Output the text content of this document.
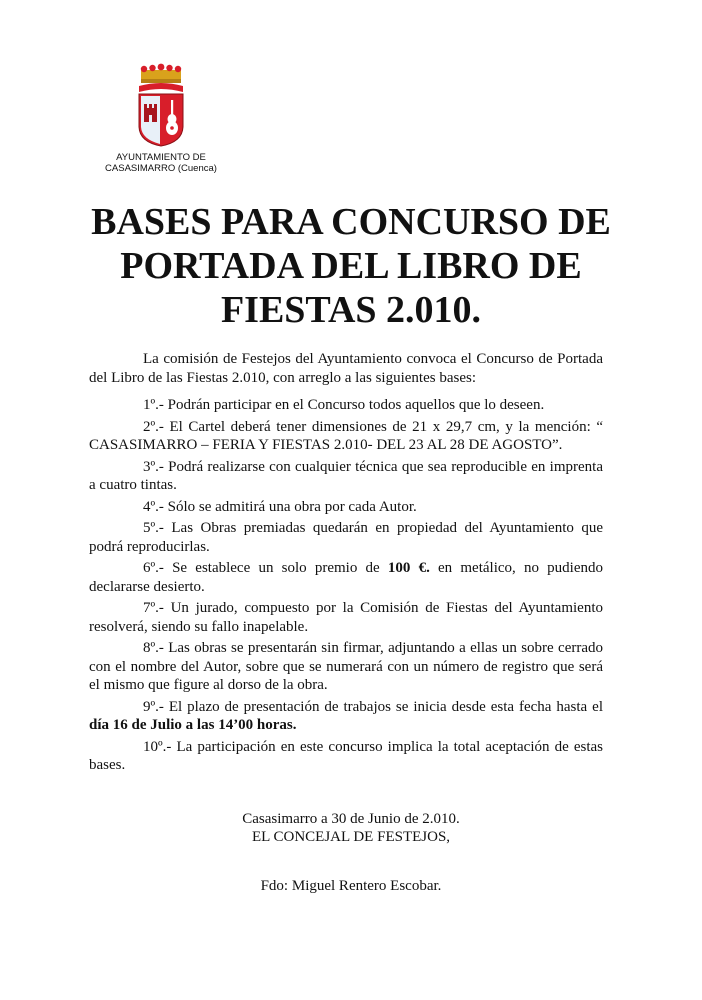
AYUNTAMIENTO DE
CASASIMARRO (Cuenca)
BASES PARA CONCURSO DE
PORTADA DEL LIBRO DE
FIESTAS 2.010.

La comisión de Festejos del Ayuntamiento convoca el Concurso de Portada del Libro de las Fiestas 2.010, con arreglo a las siguientes bases:

1º.- Podrán participar en el Concurso todos aquellos que lo deseen.

2º.- El Cartel deberá tener dimensiones de 21 x 29,7 cm, y la mención: “ CASASIMARRO – FERIA Y FIESTAS 2.010- DEL 23 AL 28 DE AGOSTO”.

3º.- Podrá realizarse con cualquier técnica que sea reproducible en imprenta a cuatro tintas.

4º.- Sólo se admitirá una obra por cada Autor.

5º.- Las Obras premiadas quedarán en propiedad del Ayuntamiento que podrá reproducirlas.

6º.- Se establece un solo premio de 100 €. en metálico, no pudiendo declararse desierto.

7º.- Un jurado, compuesto por la Comisión de Fiestas del Ayuntamiento resolverá, siendo su fallo inapelable.

8º.- Las obras se presentarán sin firmar, adjuntando a ellas un sobre cerrado con el nombre del Autor, sobre que se numerará con un número de registro que será el mismo que figure al dorso de la obra.

9º.- El plazo de presentación de trabajos se inicia desde esta fecha hasta el día 16 de Julio a las 14’00 horas.

10º.- La participación en este concurso implica la total aceptación de estas bases.

Casasimarro a 30 de Junio de 2.010.
EL CONCEJAL DE FESTEJOS,
Fdo: Miguel Rentero Escobar.
